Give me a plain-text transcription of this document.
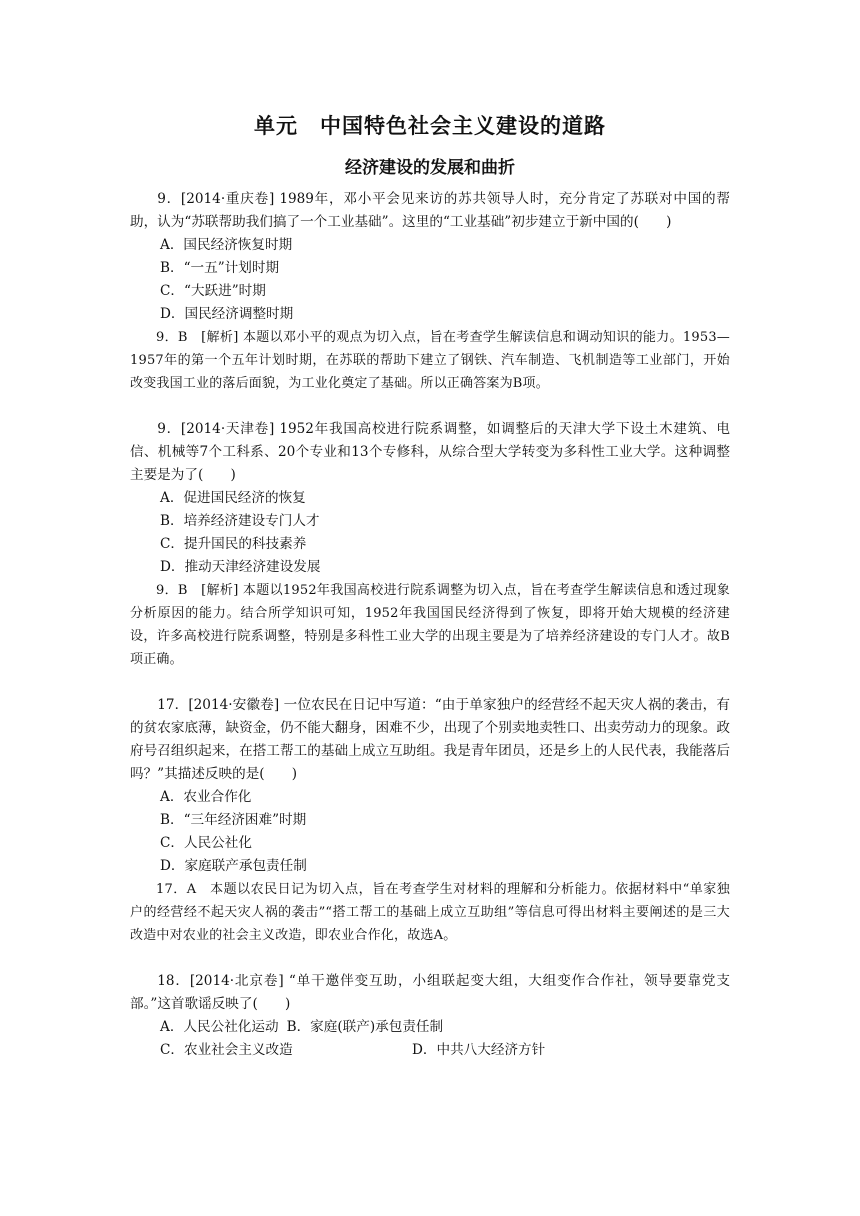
单元　中国特色社会主义建设的道路
经济建设的发展和曲折

9．[2014·重庆卷] 1989年，邓小平会见来访的苏共领导人时，充分肯定了苏联对中国的帮助，认为“苏联帮助我们搞了一个工业基础”。这里的“工业基础”初步建立于新中国的(　　)

A．国民经济恢复时期

B．“一五”计划时期

C．“大跃进”时期

D．国民经济调整时期

9．B　[解析] 本题以邓小平的观点为切入点，旨在考查学生解读信息和调动知识的能力。1953—1957年的第一个五年计划时期，在苏联的帮助下建立了钢铁、汽车制造、飞机制造等工业部门，开始改变我国工业的落后面貌，为工业化奠定了基础。所以正确答案为B项。

9．[2014·天津卷] 1952年我国高校进行院系调整，如调整后的天津大学下设土木建筑、电信、机械等7个工科系、20个专业和13个专修科，从综合型大学转变为多科性工业大学。这种调整主要是为了(　　)

A．促进国民经济的恢复

B．培养经济建设专门人才

C．提升国民的科技素养

D．推动天津经济建设发展

9．B　[解析] 本题以1952年我国高校进行院系调整为切入点，旨在考查学生解读信息和透过现象分析原因的能力。结合所学知识可知，1952年我国国民经济得到了恢复，即将开始大规模的经济建设，许多高校进行院系调整，特别是多科性工业大学的出现主要是为了培养经济建设的专门人才。故B项正确。

17．[2014·安徽卷] 一位农民在日记中写道：“由于单家独户的经营经不起天灾人祸的袭击，有的贫农家底薄，缺资金，仍不能大翻身，困难不少，出现了个别卖地卖牲口、出卖劳动力的现象。政府号召组织起来，在搭工帮工的基础上成立互助组。我是青年团员，还是乡上的人民代表，我能落后吗？”其描述反映的是(　　)

A．农业合作化

B．“三年经济困难”时期

C．人民公社化

D．家庭联产承包责任制

17．A　本题以农民日记为切入点，旨在考查学生对材料的理解和分析能力。依据材料中“单家独户的经营经不起天灾人祸的袭击”“搭工帮工的基础上成立互助组”等信息可得出材料主要阐述的是三大改造中对农业的社会主义改造，即农业合作化，故选A。

18．[2014·北京卷] “单干邀伴变互助，小组联起变大组，大组变作合作社，领导要靠党支部。”这首歌谣反映了(　　)

A．人民公社化运动 B．家庭(联产)承包责任制
C．农业社会主义改造	D．中共八大经济方针
